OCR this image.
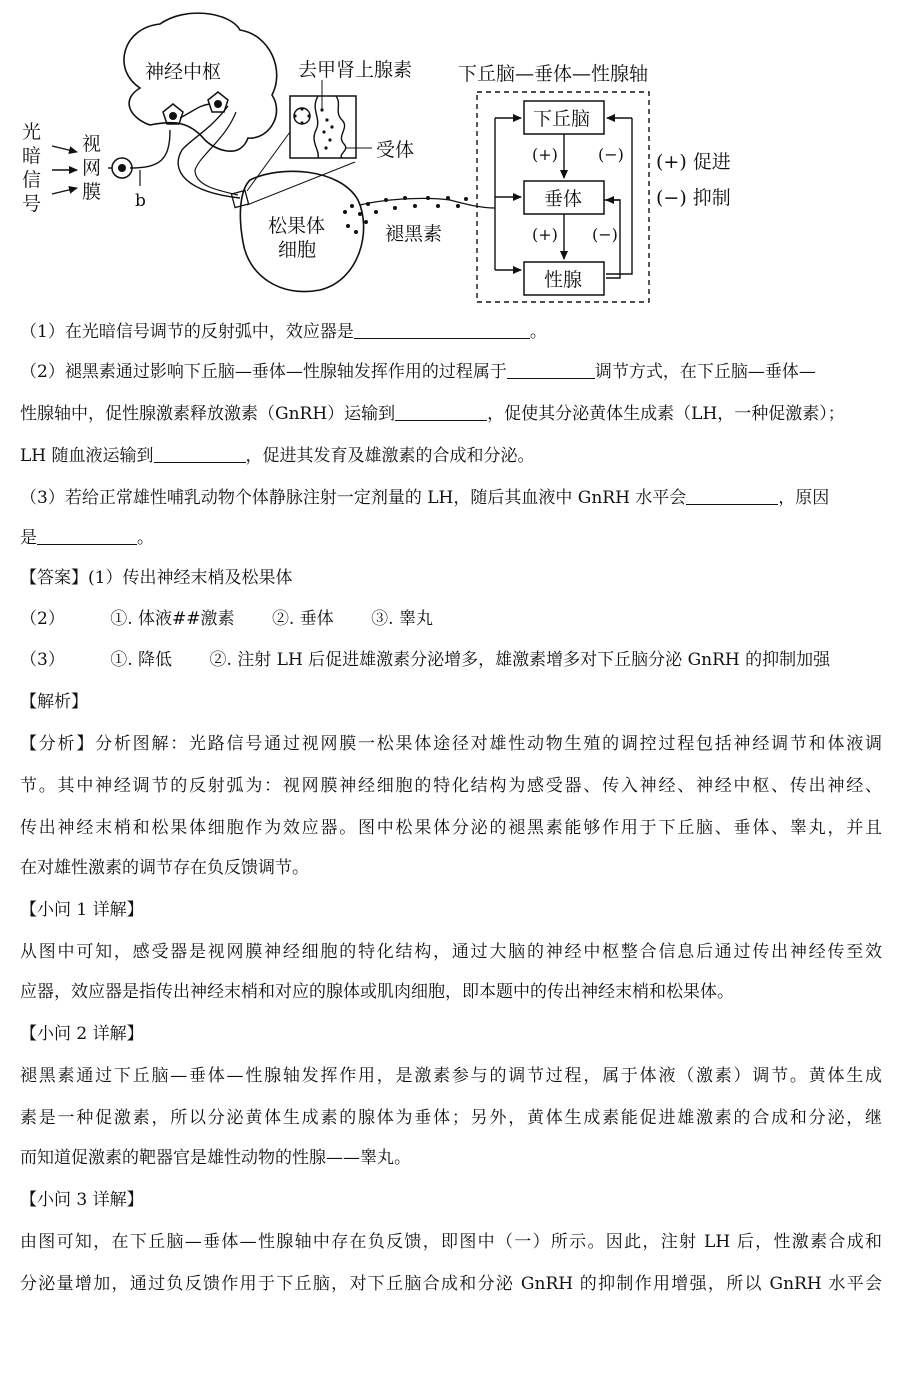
神经中枢
光
暗
信
号
视
网
膜 b
去甲肾上腺素
受体
松果体
细胞
褪黑素
下丘脑—垂体—性腺轴
下丘脑
垂体
性腺
(+)
(+)
(−)
(−)
(+) 促进
(−) 抑制
（1）在光暗信号调节的反射弧中，效应器是	。
（2）褪黑素通过影响下丘脑—垂体—性腺轴发挥作用的过程属于	调节方式，在下丘脑—垂体—
性腺轴中，促性腺激素释放激素（GnRH）运输到	，促使其分泌黄体生成素（LH，一种促激素）；
LH 随血液运输到	，促进其发育及雄激素的合成和分泌。
（3）若给正常雄性哺乳动物个体静脉注射一定剂量的 LH，随后其血液中 GnRH 水平会	，原因
是	。
【答案】(1）传出神经末梢及松果体
（2）	①. 体液##激素 ②. 垂体 ③. 睾丸
（3）	①. 降低 ②. 注射 LH 后促进雄激素分泌增多，雄激素增多对下丘脑分泌 GnRH 的抑制加强
【解析】
【分析】分析图解：光路信号通过视网膜一松果体途径对雄性动物生殖的调控过程包括神经调节和体液调
节。其中神经调节的反射弧为：视网膜神经细胞的特化结构为感受器、传入神经、神经中枢、传出神经、
传出神经末梢和松果体细胞作为效应器。图中松果体分泌的褪黑素能够作用于下丘脑、垂体、睾丸，并且
在对雄性激素的调节存在负反馈调节。
【小问 1 详解】
从图中可知，感受器是视网膜神经细胞的特化结构，通过大脑的神经中枢整合信息后通过传出神经传至效
应器，效应器是指传出神经末梢和对应的腺体或肌肉细胞，即本题中的传出神经末梢和松果体。
【小问 2 详解】
褪黑素通过下丘脑—垂体—性腺轴发挥作用，是激素参与的调节过程，属于体液（激素）调节。黄体生成
素是一种促激素，所以分泌黄体生成素的腺体为垂体；另外，黄体生成素能促进雄激素的合成和分泌，继
而知道促激素的靶器官是雄性动物的性腺——睾丸。
【小问 3 详解】
由图可知，在下丘脑—垂体—性腺轴中存在负反馈，即图中（一）所示。因此，注射 LH 后，性激素合成和
分泌量增加，通过负反馈作用于下丘脑，对下丘脑合成和分泌 GnRH 的抑制作用增强，所以 GnRH 水平会
